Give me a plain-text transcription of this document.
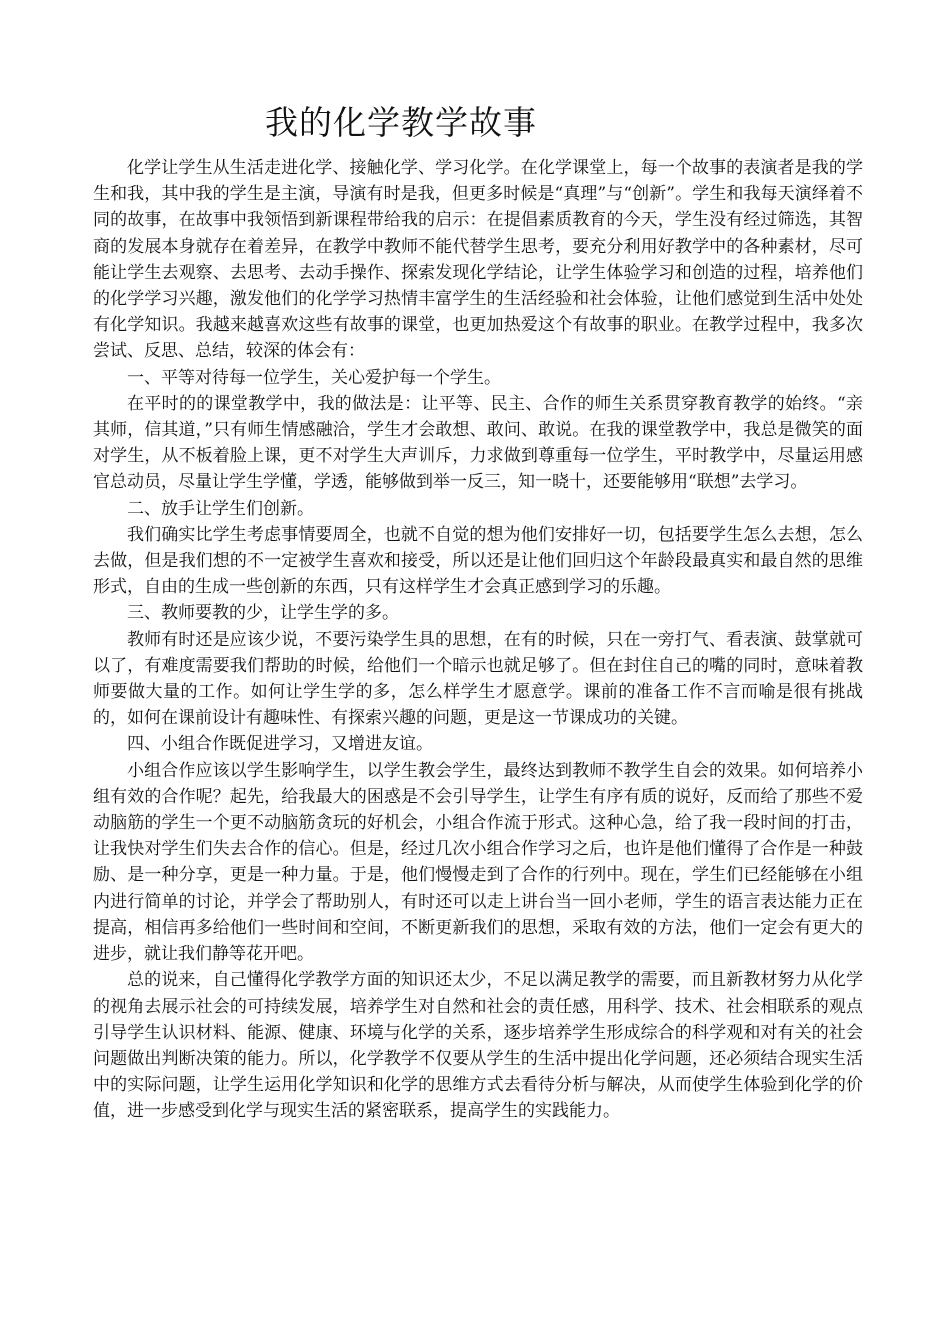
我的化学教学故事

化学让学生从生活走进化学、接触化学、学习化学。在化学课堂上，每一个故事的表演者是我的学生和我，其中我的学生是主演，导演有时是我，但更多时候是“真理”与“创新”。学生和我每天演绎着不同的故事，在故事中我领悟到新课程带给我的启示：在提倡素质教育的今天，学生没有经过筛选，其智商的发展本身就存在着差异，在教学中教师不能代替学生思考，要充分利用好教学中的各种素材，尽可能让学生去观察、去思考、去动手操作、探索发现化学结论，让学生体验学习和创造的过程，培养他们的化学学习兴趣，激发他们的化学学习热情丰富学生的生活经验和社会体验，让他们感觉到生活中处处有化学知识。我越来越喜欢这些有故事的课堂，也更加热爱这个有故事的职业。在教学过程中，我多次尝试、反思、总结，较深的体会有：

一、平等对待每一位学生，关心爱护每一个学生。

在平时的的课堂教学中，我的做法是：让平等、民主、合作的师生关系贯穿教育教学的始终。“亲其师，信其道，”只有师生情感融洽，学生才会敢想、敢问、敢说。在我的课堂教学中，我总是微笑的面对学生，从不板着脸上课，更不对学生大声训斥，力求做到尊重每一位学生，平时教学中，尽量运用感官总动员，尽量让学生学懂，学透，能够做到举一反三，知一晓十，还要能够用“联想”去学习。

二、放手让学生们创新。

我们确实比学生考虑事情要周全，也就不自觉的想为他们安排好一切，包括要学生怎么去想，怎么去做，但是我们想的不一定被学生喜欢和接受，所以还是让他们回归这个年龄段最真实和最自然的思维形式，自由的生成一些创新的东西，只有这样学生才会真正感到学习的乐趣。

三、教师要教的少，让学生学的多。

教师有时还是应该少说，不要污染学生具的思想，在有的时候，只在一旁打气、看表演、鼓掌就可以了，有难度需要我们帮助的时候，给他们一个暗示也就足够了。但在封住自己的嘴的同时，意味着教师要做大量的工作。如何让学生学的多，怎么样学生才愿意学。课前的准备工作不言而喻是很有挑战的，如何在课前设计有趣味性、有探索兴趣的问题，更是这一节课成功的关键。

四、小组合作既促进学习，又增进友谊。

小组合作应该以学生影响学生，以学生教会学生，最终达到教师不教学生自会的效果。如何培养小组有效的合作呢？起先，给我最大的困惑是不会引导学生，让学生有序有质的说好，反而给了那些不爱动脑筋的学生一个更不动脑筋贪玩的好机会，小组合作流于形式。这种心急，给了我一段时间的打击，让我快对学生们失去合作的信心。但是，经过几次小组合作学习之后，也许是他们懂得了合作是一种鼓励、是一种分享，更是一种力量。于是，他们慢慢走到了合作的行列中。现在，学生们已经能够在小组内进行简单的讨论，并学会了帮助别人，有时还可以走上讲台当一回小老师，学生的语言表达能力正在提高，相信再多给他们一些时间和空间，不断更新我们的思想，采取有效的方法，他们一定会有更大的进步，就让我们静等花开吧。

总的说来，自己懂得化学教学方面的知识还太少，不足以满足教学的需要，而且新教材努力从化学的视角去展示社会的可持续发展，培养学生对自然和社会的责任感，用科学、技术、社会相联系的观点引导学生认识材料、能源、健康、环境与化学的关系，逐步培养学生形成综合的科学观和对有关的社会问题做出判断决策的能力。所以，化学教学不仅要从学生的生活中提出化学问题，还必须结合现实生活中的实际问题，让学生运用化学知识和化学的思维方式去看待分析与解决，从而使学生体验到化学的价值，进一步感受到化学与现实生活的紧密联系，提高学生的实践能力。
